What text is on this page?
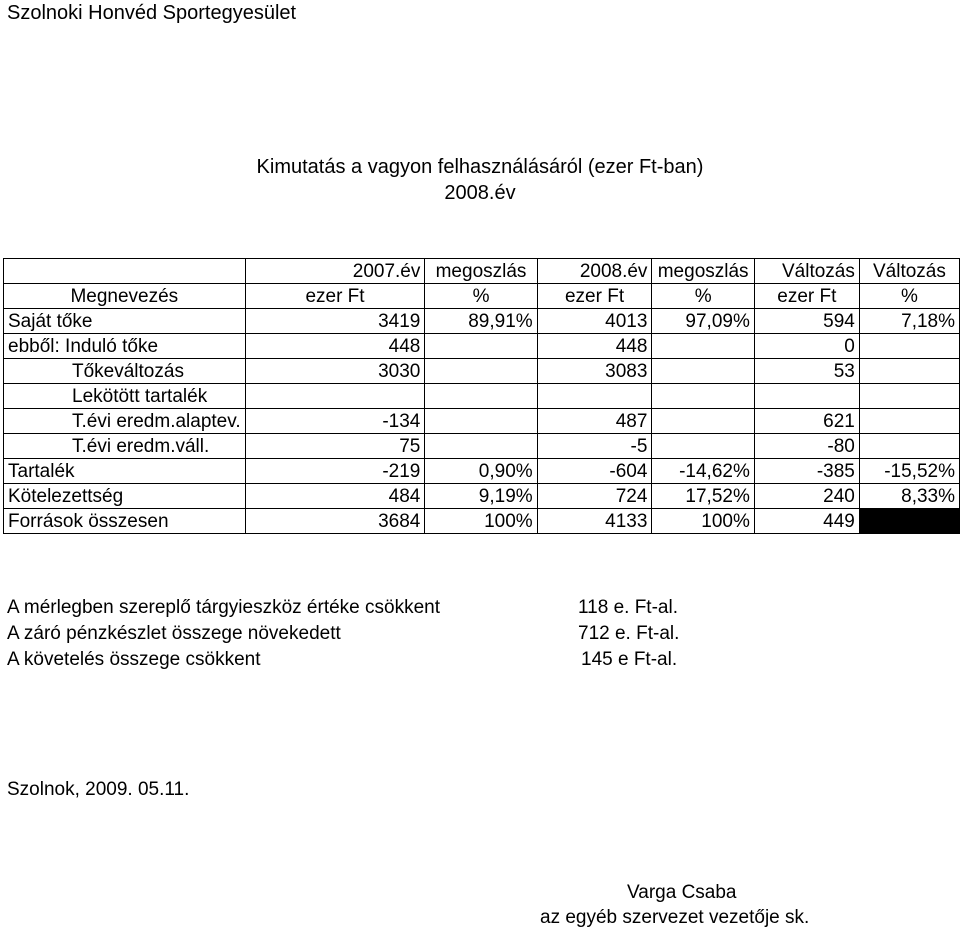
Szolnoki Honvéd Sportegyesület
Kimutatás a vagyon felhasználásáról (ezer Ft-ban)
2008.év
	2007.év	megoszlás	2008.év	megoszlás	Változás	Változás
Megnevezés	ezer Ft	%	ezer Ft	%	ezer Ft	%
Saját tőke	3419	89,91%	4013	97,09%	594	7,18%
ebből: Induló tőke	448		448		0	
Tőkeváltozás	3030		3083		53	
Lekötött tartalék						
T.évi eredm.alaptev.	-134		487		621	
T.évi eredm.váll.	75		-5		-80	
Tartalék	-219	0,90%	-604	-14,62%	-385	-15,52%
Kötelezettség	484	9,19%	724	17,52%	240	8,33%
Források összesen	3684	100%	4133	100%	449	
A mérlegben szereplő tárgyieszköz értéke csökkent	118 e. Ft-al.
A záró pénzkészlet összege növekedett	712 e. Ft-al.
A követelés összege csökkent	145 e Ft-al.
Szolnok, 2009. 05.11.
Varga Csaba
az egyéb szervezet vezetője sk.
